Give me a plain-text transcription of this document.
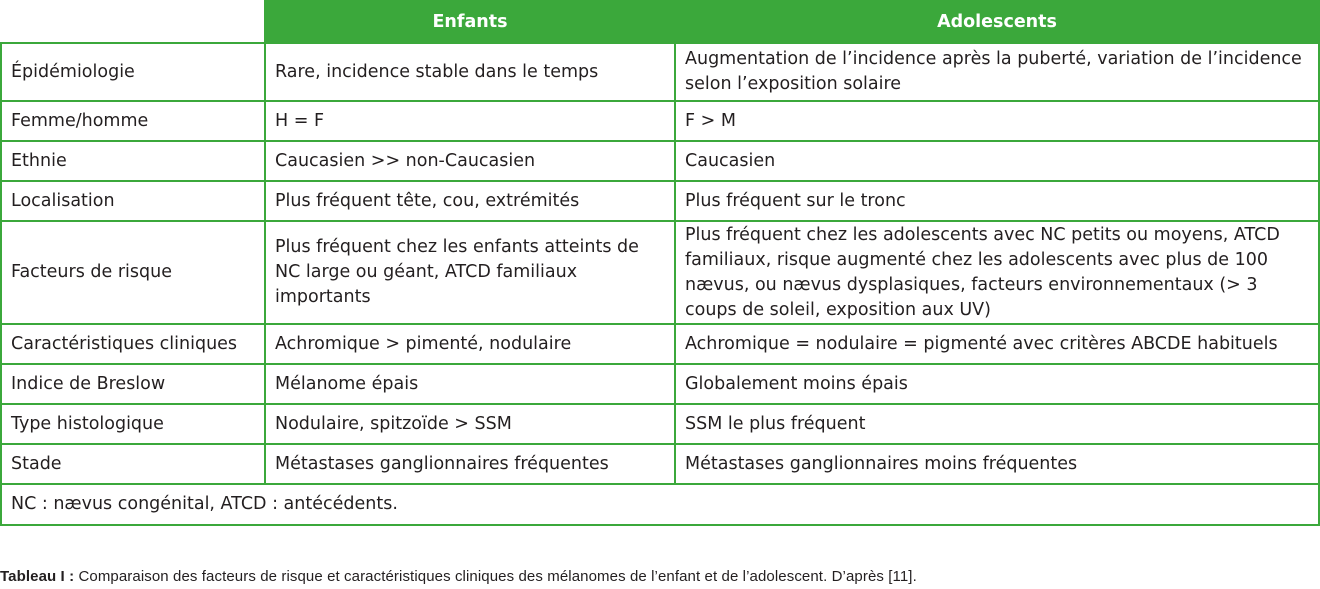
	Enfants	Adolescents
Épidémiologie	Rare, incidence stable dans le temps	Augmentation de l’incidence après la puberté, variation de l’incidence selon l’exposition solaire
Femme/homme	H = F	F > M
Ethnie	Caucasien >> non-Caucasien	Caucasien
Localisation	Plus fréquent tête, cou, extrémités	Plus fréquent sur le tronc
Facteurs de risque	Plus fréquent chez les enfants atteints de NC large ou géant, ATCD familiaux importants	Plus fréquent chez les adolescents avec NC petits ou moyens, ATCD familiaux, risque augmenté chez les adolescents avec plus de 100 nævus, ou nævus dysplasiques, facteurs environnementaux (> 3 coups de soleil, exposition aux UV)
Caractéristiques cliniques	Achromique > pimenté, nodulaire	Achromique = nodulaire = pigmenté avec critères ABCDE habituels
Indice de Breslow	Mélanome épais	Globalement moins épais
Type histologique	Nodulaire, spitzoïde > SSM	SSM le plus fréquent
Stade	Métastases ganglionnaires fréquentes	Métastases ganglionnaires moins fréquentes
NC : nævus congénital, ATCD : antécédents.		
Tableau I : Comparaison des facteurs de risque et caractéristiques cliniques des mélanomes de l’enfant et de l’adolescent. D’après [11].
